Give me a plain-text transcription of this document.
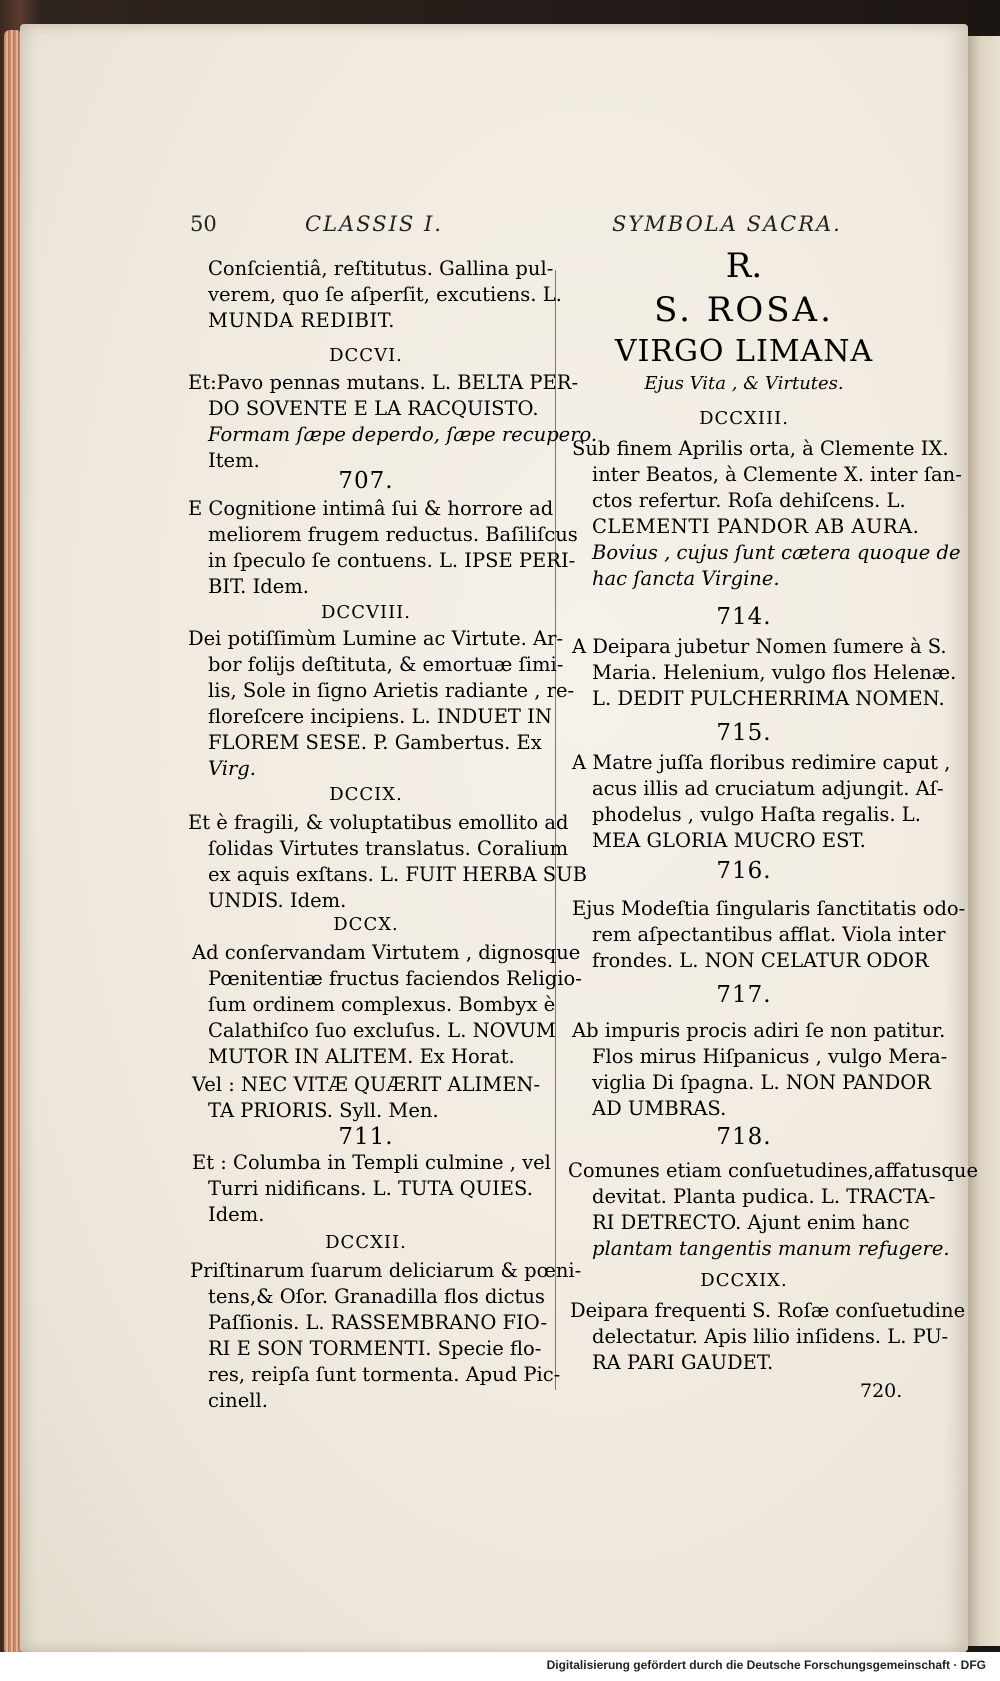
50	CLASSIS I.	SYMBOLA SACRA.
Conſcientiâ, reſtitutus. Gallina pul-
verem, quo ſe aſperſit, excutiens. L.
MUNDA REDIBIT.
DCCVI.
Et:Pavo pennas mutans. L. BELTA PER-
DO SOVENTE E LA RACQUISTO.
Formam ſæpe deperdo, ſæpe recupero.
Item.
707.
E Cognitione intimâ ſui & horrore ad
meliorem frugem reductus. Baſiliſcus
in ſpeculo ſe contuens. L. IPSE PERI-
BIT. Idem.
DCCVIII.
Dei potiſſimùm Lumine ac Virtute. Ar-
bor folijs deſtituta, & emortuæ ſimi-
lis, Sole in ſigno Arietis radiante , re-
floreſcere incipiens. L. INDUET IN
FLOREM SESE. P. Gambertus. Ex
Virg.
DCCIX.
Et è fragili, & voluptatibus emollito ad
ſolidas Virtutes translatus. Coralium
ex aquis exſtans. L. FUIT HERBA SUB
UNDIS. Idem.
DCCX.
Ad conſervandam Virtutem , dignosque
Pœnitentiæ fructus faciendos Religio-
ſum ordinem complexus. Bombyx è
Calathiſco ſuo excluſus. L. NOVUM
MUTOR IN ALITEM. Ex Horat.
Vel : NEC VITÆ QUÆRIT ALIMEN-
TA PRIORIS. Syll. Men.
711.
Et : Columba in Templi culmine , vel
Turri nidificans. L. TUTA QUIES.
Idem.
DCCXII.
Priſtinarum ſuarum deliciarum & pœni-
tens,& Oſor. Granadilla flos dictus
Paſſionis. L. RASSEMBRANO FIO-
RI E SON TORMENTI. Specie flo-
res, reipſa ſunt tormenta. Apud Pic-
cinell.
R.
S. ROSA.
VIRGO LIMANA
Ejus Vita , & Virtutes.
DCCXIII.
Sub finem Aprilis orta, à Clemente IX.
inter Beatos, à Clemente X. inter ſan-
ctos refertur. Roſa dehiſcens. L.
CLEMENTI PANDOR AB AURA.
Bovius , cujus ſunt cætera quoque de
hac ſancta Virgine.
714.
A Deipara jubetur Nomen ſumere à S.
Maria. Helenium, vulgo flos Helenæ.
L. DEDIT PULCHERRIMA NOMEN.
715.
A Matre juſſa floribus redimire caput ,
acus illis ad cruciatum adjungit. Aſ-
phodelus , vulgo Haſta regalis. L.
MEA GLORIA MUCRO EST.
716.
Ejus Modeſtia ſingularis ſanctitatis odo-
rem aſpectantibus afflat. Viola inter
frondes. L. NON CELATUR ODOR
717.
Ab impuris procis adiri ſe non patitur.
Flos mirus Hiſpanicus , vulgo Mera-
viglia Di ſpagna. L. NON PANDOR
AD UMBRAS.
718.
Comunes etiam conſuetudines,affatusque
devitat. Planta pudica. L. TRACTA-
RI DETRECTO. Ajunt enim hanc
plantam tangentis manum refugere.
DCCXIX.
Deipara frequenti S. Roſæ conſuetudine
delectatur. Apis lilio inſidens. L. PU-
RA PARI GAUDET.
720.
Digitalisierung gefördert durch die Deutsche Forschungsgemeinschaft · DFG
